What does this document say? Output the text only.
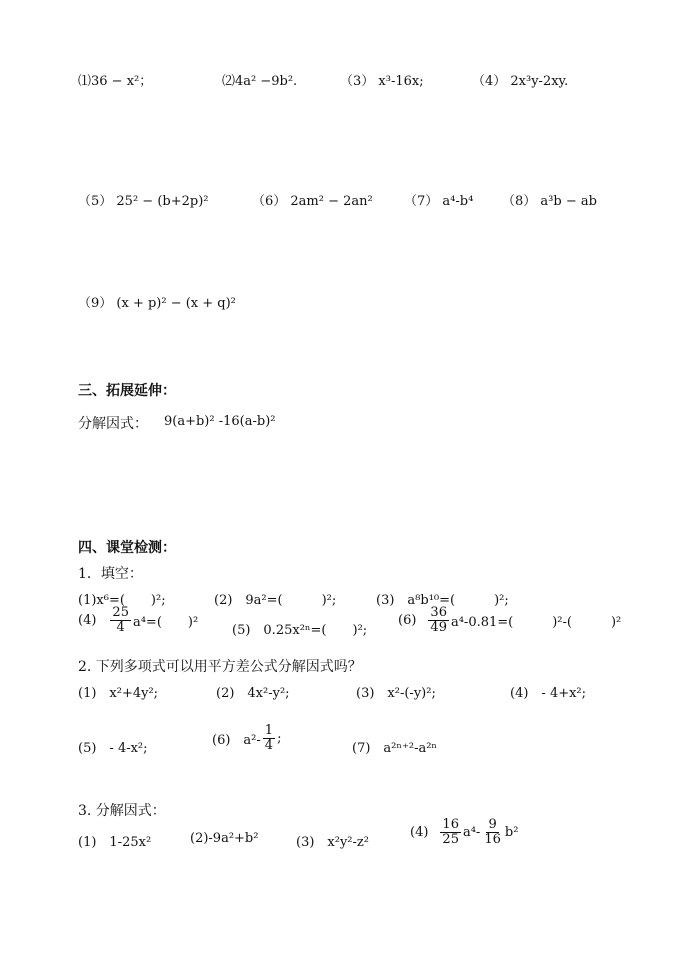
⑴36 − x²；	⑵4a² −9b².	（3） x³-16x;	（4） 2x³y-2xy.
（5） 25² − (b+2p)²	（6） 2am² − 2an² （7） a⁴-b⁴ （8） a³b − ab
（9） (x + p)² − (x + q)²
三、拓展延伸：
分解因式： 9(a+b)² -16(a-b)²
四、课堂检测：
1．填空：
(1)x⁶=(　　)²;	(2)　9a²=(　　　)²;	(3)　a⁸b¹⁰=(　　　)²;
$(4) \frac{25}{4} a^4=$(　　)²
(5)　0.25x²ⁿ=(　　)²;
$(6) \frac{36}{49} a^4-0.81=$(　　　)²-(　　　)²
2. 下列多项式可以用平方差公式分解因式吗？
(1)　x²+4y²;	(2)　4x²-y²;	(3)　x²-(-y)²;	(4)　- 4+x²;
(5)　- 4-x²;
(6)　$a^2- \frac{1}{4}$ ;
(7)　a²ⁿ⁺²-a²ⁿ
3. 分解因式：
(1)　1-25x²	(2)-9a²+b²	(3)　x²y²-z²
$(4) \frac{16}{25} a^4- \frac{9}{16} b^2$
